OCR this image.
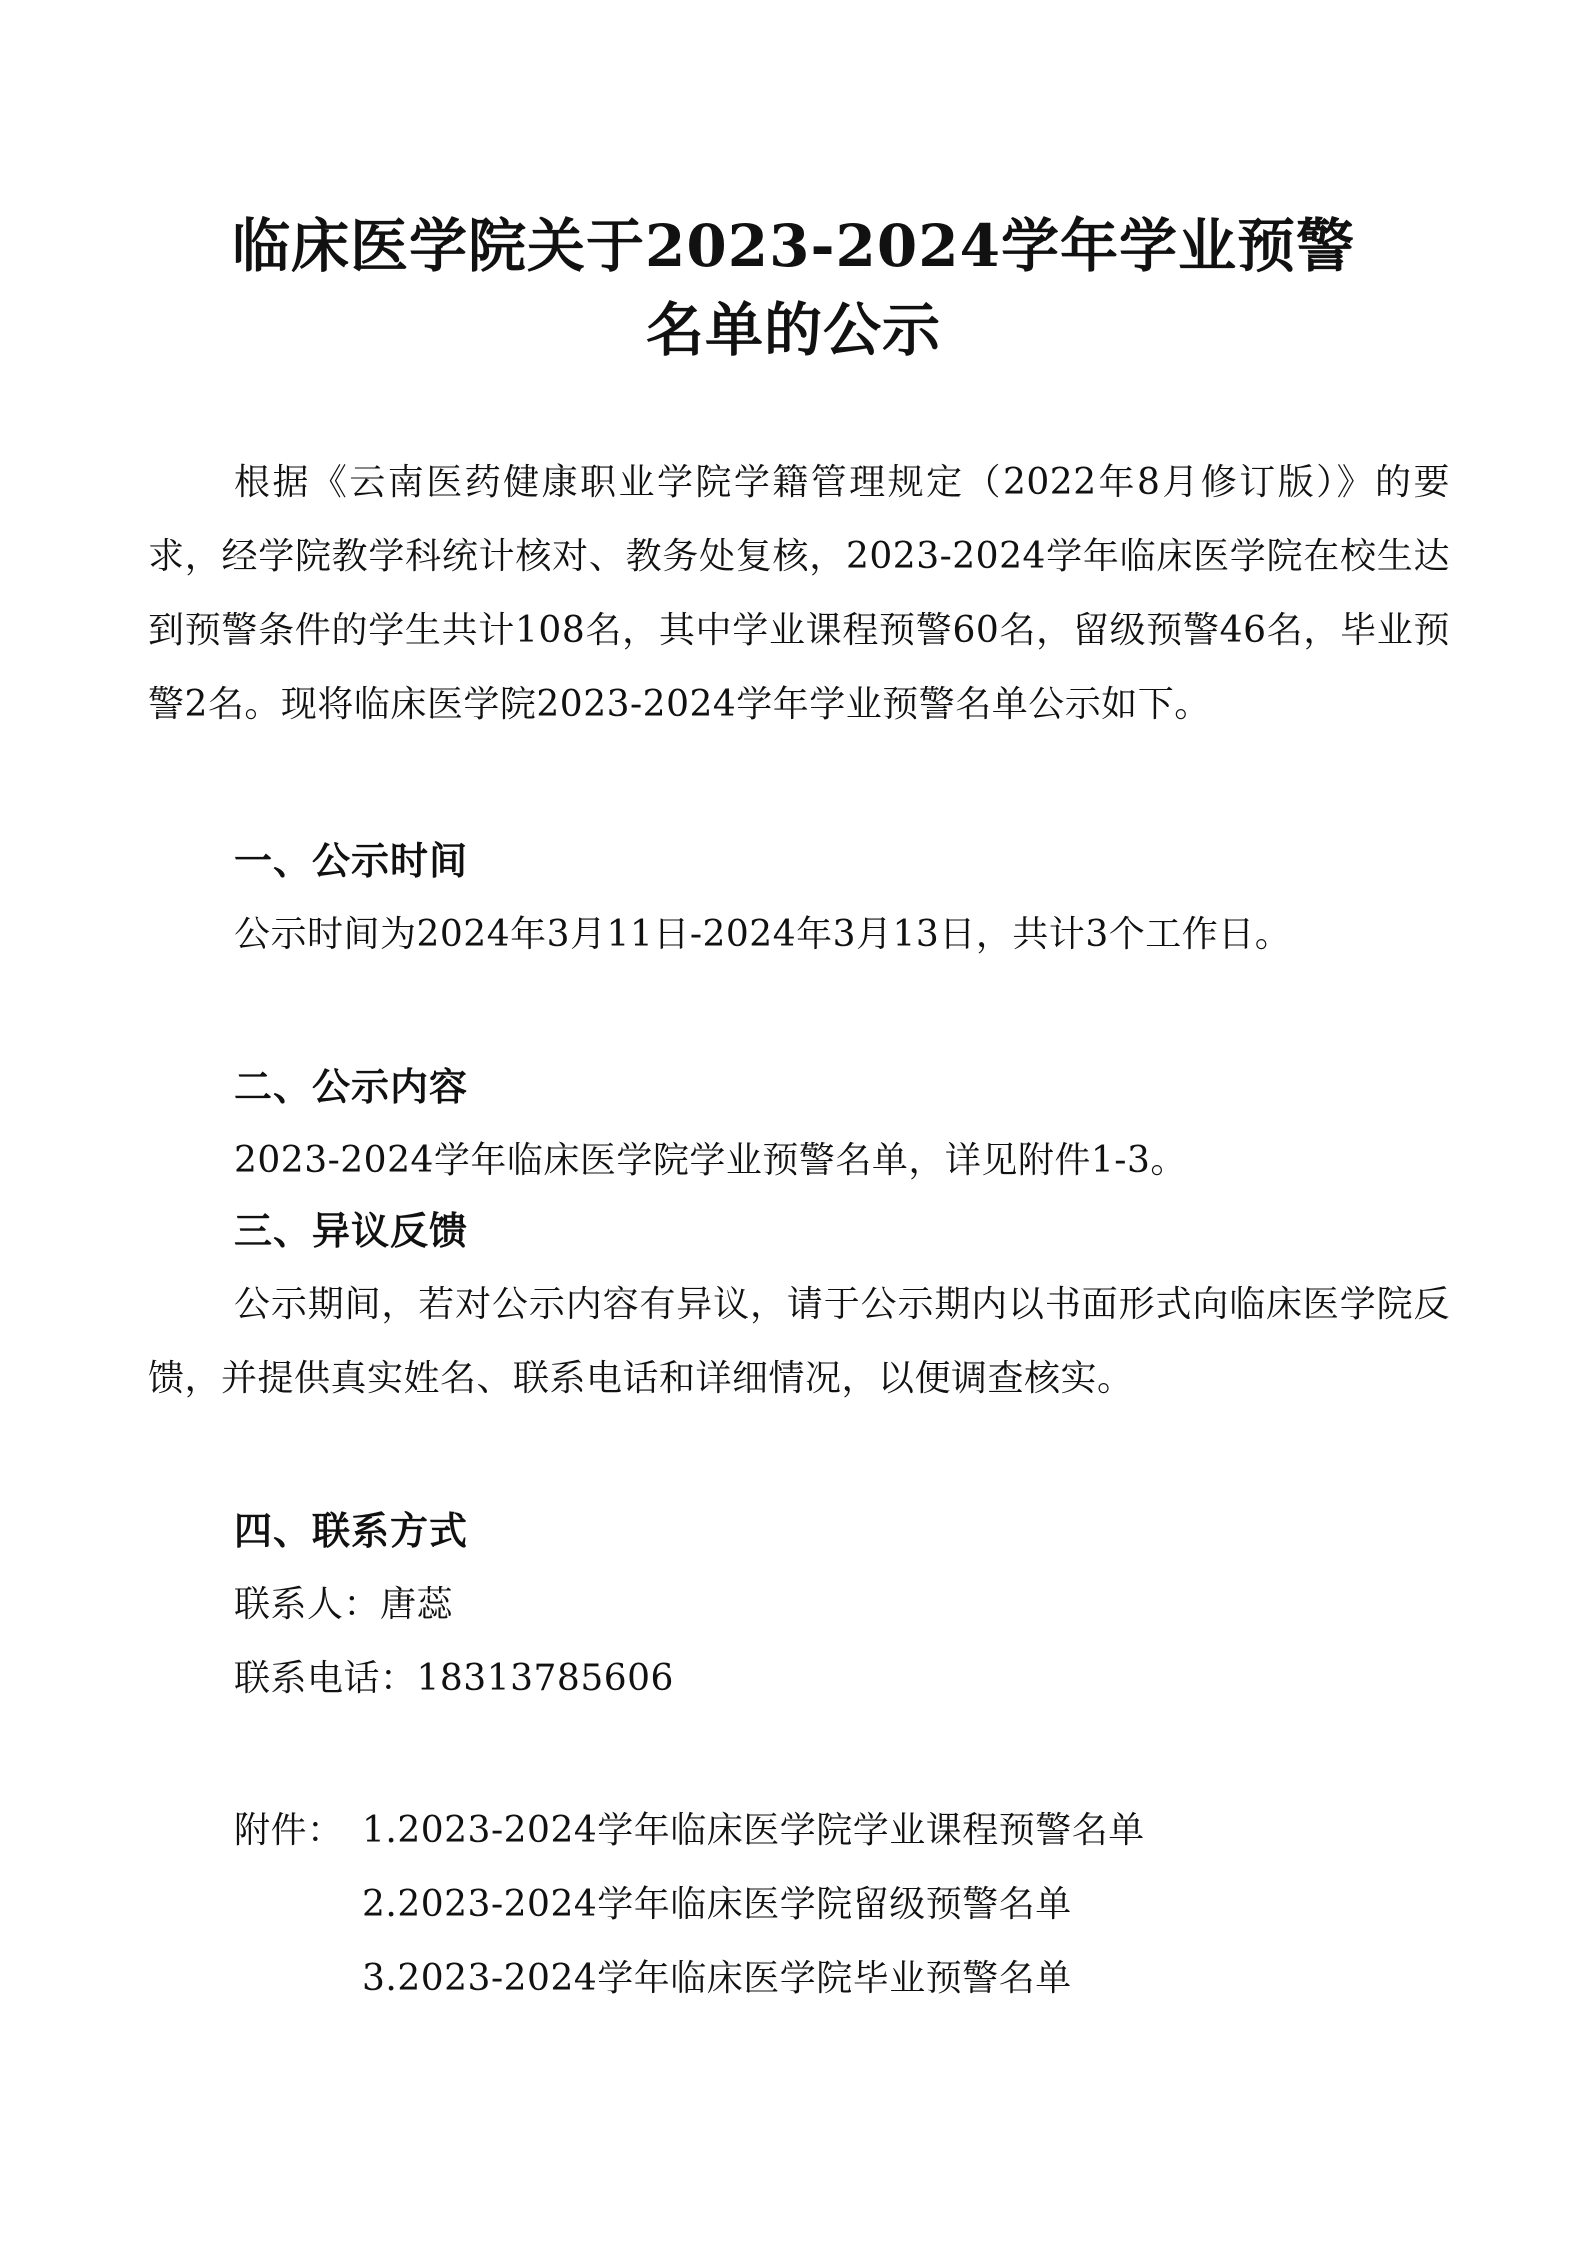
临床医学院关于2023-2024学年学业预警
名单的公示
根据《云南医药健康职业学院学籍管理规定（2022年8月修订版）》的要求，经学院教学科统计核对、教务处复核，2023-2024学年临床医学院在校生达到预警条件的学生共计108名，其中学业课程预警60名，留级预警46名，毕业预警2名。现将临床医学院2023-2024学年学业预警名单公示如下。
一、公示时间
公示时间为2024年3月11日-2024年3月13日，共计3个工作日。
二、公示内容
2023-2024学年临床医学院学业预警名单，详见附件1-3。
三、异议反馈
公示期间，若对公示内容有异议，请于公示期内以书面形式向临床医学院反馈，并提供真实姓名、联系电话和详细情况，以便调查核实。
四、联系方式
联系人：唐蕊
联系电话：18313785606
附件： 1.2023-2024学年临床医学院学业课程预警名单
2.2023-2024学年临床医学院留级预警名单
3.2023-2024学年临床医学院毕业预警名单
